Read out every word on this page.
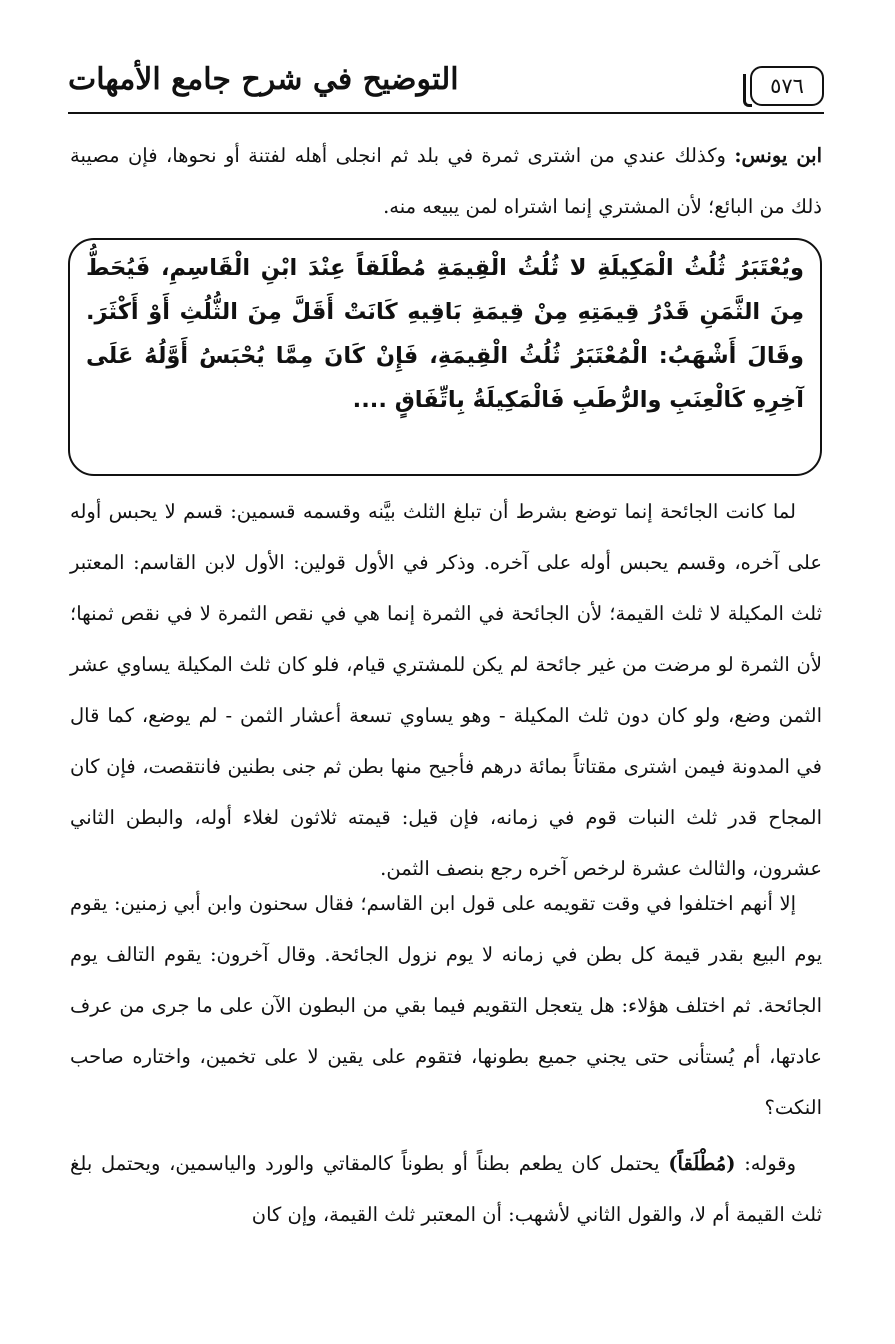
٥٧٦
التوضيح في شرح جامع الأمهات
ابن يونس: وكذلك عندي من اشترى ثمرة في بلد ثم انجلى أهله لفتنة أو نحوها، فإن مصيبة ذلك من البائع؛ لأن المشتري إنما اشتراه لمن يبيعه منه.

ويُعْتَبَرُ ثُلُثُ الْمَكِيلَةِ لا ثُلُثُ الْقِيمَةِ مُطْلَقاً عِنْدَ ابْنِ الْقَاسِمِ، فَيُحَطُّ مِنَ الثَّمَنِ قَدْرُ قِيمَتِهِ مِنْ قِيمَةِ بَاقِيهِ كَانَتْ أَقَلَّ مِنَ الثُّلُثِ أَوْ أَكْثَرَ. وقَالَ أَشْهَبُ: الْمُعْتَبَرُ ثُلُثُ الْقِيمَةِ، فَإِنْ كَانَ مِمَّا يُحْبَسُ أَوَّلُهُ عَلَى آخِرِهِ كَالْعِنَبِ والرُّطَبِ فَالْمَكِيلَةُ بِاتِّفَاقٍ ....

لما كانت الجائحة إنما توضع بشرط أن تبلغ الثلث بيَّنه وقسمه قسمين: قسم لا يحبس أوله على آخره، وقسم يحبس أوله على آخره. وذكر في الأول قولين: الأول لابن القاسم: المعتبر ثلث المكيلة لا ثلث القيمة؛ لأن الجائحة في الثمرة إنما هي في نقص الثمرة لا في نقص ثمنها؛ لأن الثمرة لو مرضت من غير جائحة لم يكن للمشتري قيام، فلو كان ثلث المكيلة يساوي عشر الثمن وضع، ولو كان دون ثلث المكيلة - وهو يساوي تسعة أعشار الثمن - لم يوضع، كما قال في المدونة فيمن اشترى مقتاتاً بمائة درهم فأجيح منها بطن ثم جنى بطنين فانتقصت، فإن كان المجاح قدر ثلث النبات قوم في زمانه، فإن قيل: قيمته ثلاثون لغلاء أوله، والبطن الثاني عشرون، والثالث عشرة لرخص آخره رجع بنصف الثمن.
إلا أنهم اختلفوا في وقت تقويمه على قول ابن القاسم؛ فقال سحنون وابن أبي زمنين: يقوم يوم البيع بقدر قيمة كل بطن في زمانه لا يوم نزول الجائحة. وقال آخرون: يقوم التالف يوم الجائحة. ثم اختلف هؤلاء: هل يتعجل التقويم فيما بقي من البطون الآن على ما جرى من عرف عادتها، أم يُستأنى حتى يجني جميع بطونها، فتقوم على يقين لا على تخمين، واختاره صاحب النكت؟
وقوله: (مُطْلَقاً) يحتمل كان يطعم بطناً أو بطوناً كالمقاتي والورد والياسمين، ويحتمل بلغ ثلث القيمة أم لا، والقول الثاني لأشهب: أن المعتبر ثلث القيمة، وإن كان
